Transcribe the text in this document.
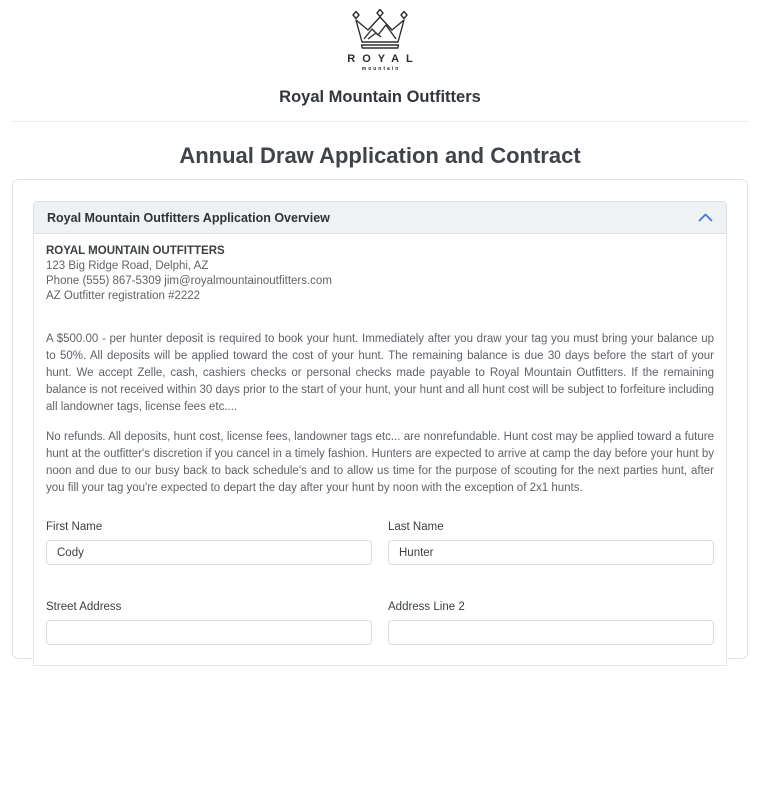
ROYAL
mountain
Royal Mountain Outfitters
Annual Draw Application and Contract
Royal Mountain Outfitters Application Overview
ROYAL MOUNTAIN OUTFITTERS
123 Big Ridge Road, Delphi, AZ
Phone (555) 867-5309 jim@royalmountainoutfitters.com
AZ Outfitter registration #2222

A $500.00 - per hunter deposit is required to book your hunt. Immediately after you draw your tag you must bring your balance up to 50%. All deposits will be applied toward the cost of your hunt. The remaining balance is due 30 days before the start of your hunt. We accept Zelle, cash, cashiers checks or personal checks made payable to Royal Mountain Outfitters. If the remaining balance is not received within 30 days prior to the start of your hunt, your hunt and all hunt cost will be subject to forfeiture including all landowner tags, license fees etc....

No refunds. All deposits, hunt cost, license fees, landowner tags etc... are nonrefundable. Hunt cost may be applied toward a future hunt at the outfitter's discretion if you cancel in a timely fashion. Hunters are expected to arrive at camp the day before your hunt by noon and due to our busy back to back schedule's and to allow us time for the purpose of scouting for the next parties hunt, after you fill your tag you're expected to depart the day after your hunt by noon with the exception of 2x1 hunts.

First Name
Cody	Last Name
Hunter
Street Address	Address Line 2
